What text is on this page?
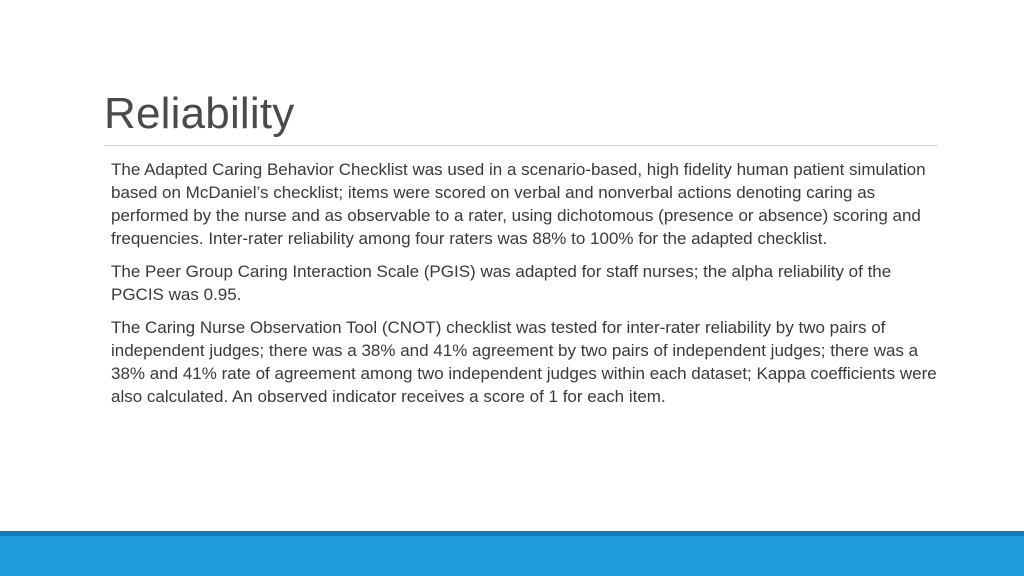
Reliability

The Adapted Caring Behavior Checklist was used in a scenario-based, high fidelity human patient simulation based on McDaniel’s checklist; items were scored on verbal and nonverbal actions denoting caring as performed by the nurse and as observable to a rater, using dichotomous (presence or absence) scoring and frequencies. Inter-rater reliability among four raters was 88% to 100% for the adapted checklist.

The Peer Group Caring Interaction Scale (PGIS) was adapted for staff nurses; the alpha reliability of the PGCIS was 0.95.

The Caring Nurse Observation Tool (CNOT) checklist was tested for inter-rater reliability by two pairs of independent judges; there was a 38% and 41% agreement by two pairs of independent judges; there was a 38% and 41% rate of agreement among two independent judges within each dataset; Kappa coefficients were also calculated. An observed indicator receives a score of 1 for each item.
